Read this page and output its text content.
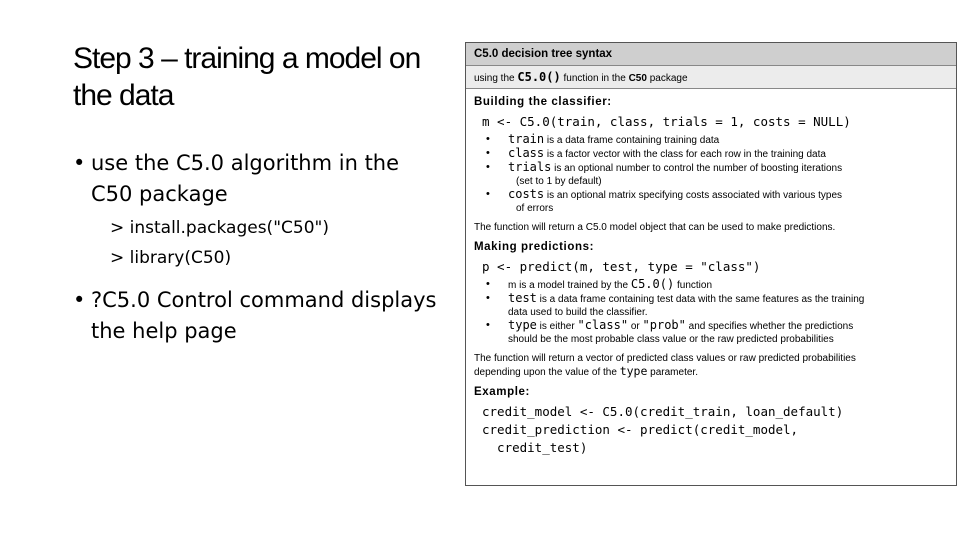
Step 3 – training a model on the data
• use the C5.0 algorithm in the C50 package
> install.packages("C50")
> library(C50)
• ?C5.0 Control command displays the help page
C5.0 decision tree syntax
using the C5.0() function in the C50 package
Building the classifier:
m <- C5.0(train, class, trials = 1, costs = NULL)
• train is a data frame containing training data
• class is a factor vector with the class for each row in the training data
• trials is an optional number to control the number of boosting iterations
(set to 1 by default)
• costs is an optional matrix specifying costs associated with various types
of errors
The function will return a C5.0 model object that can be used to make predictions.
Making predictions:
p <- predict(m, test, type = "class")
• m is a model trained by the C5.0() function
• test is a data frame containing test data with the same features as the training
data used to build the classifier.
• type is either "class" or "prob" and specifies whether the predictions
should be the most probable class value or the raw predicted probabilities
The function will return a vector of predicted class values or raw predicted probabilities
depending upon the value of the type parameter.
Example:
credit_model <- C5.0(credit_train, loan_default)
credit_prediction <- predict(credit_model,
credit_test)
